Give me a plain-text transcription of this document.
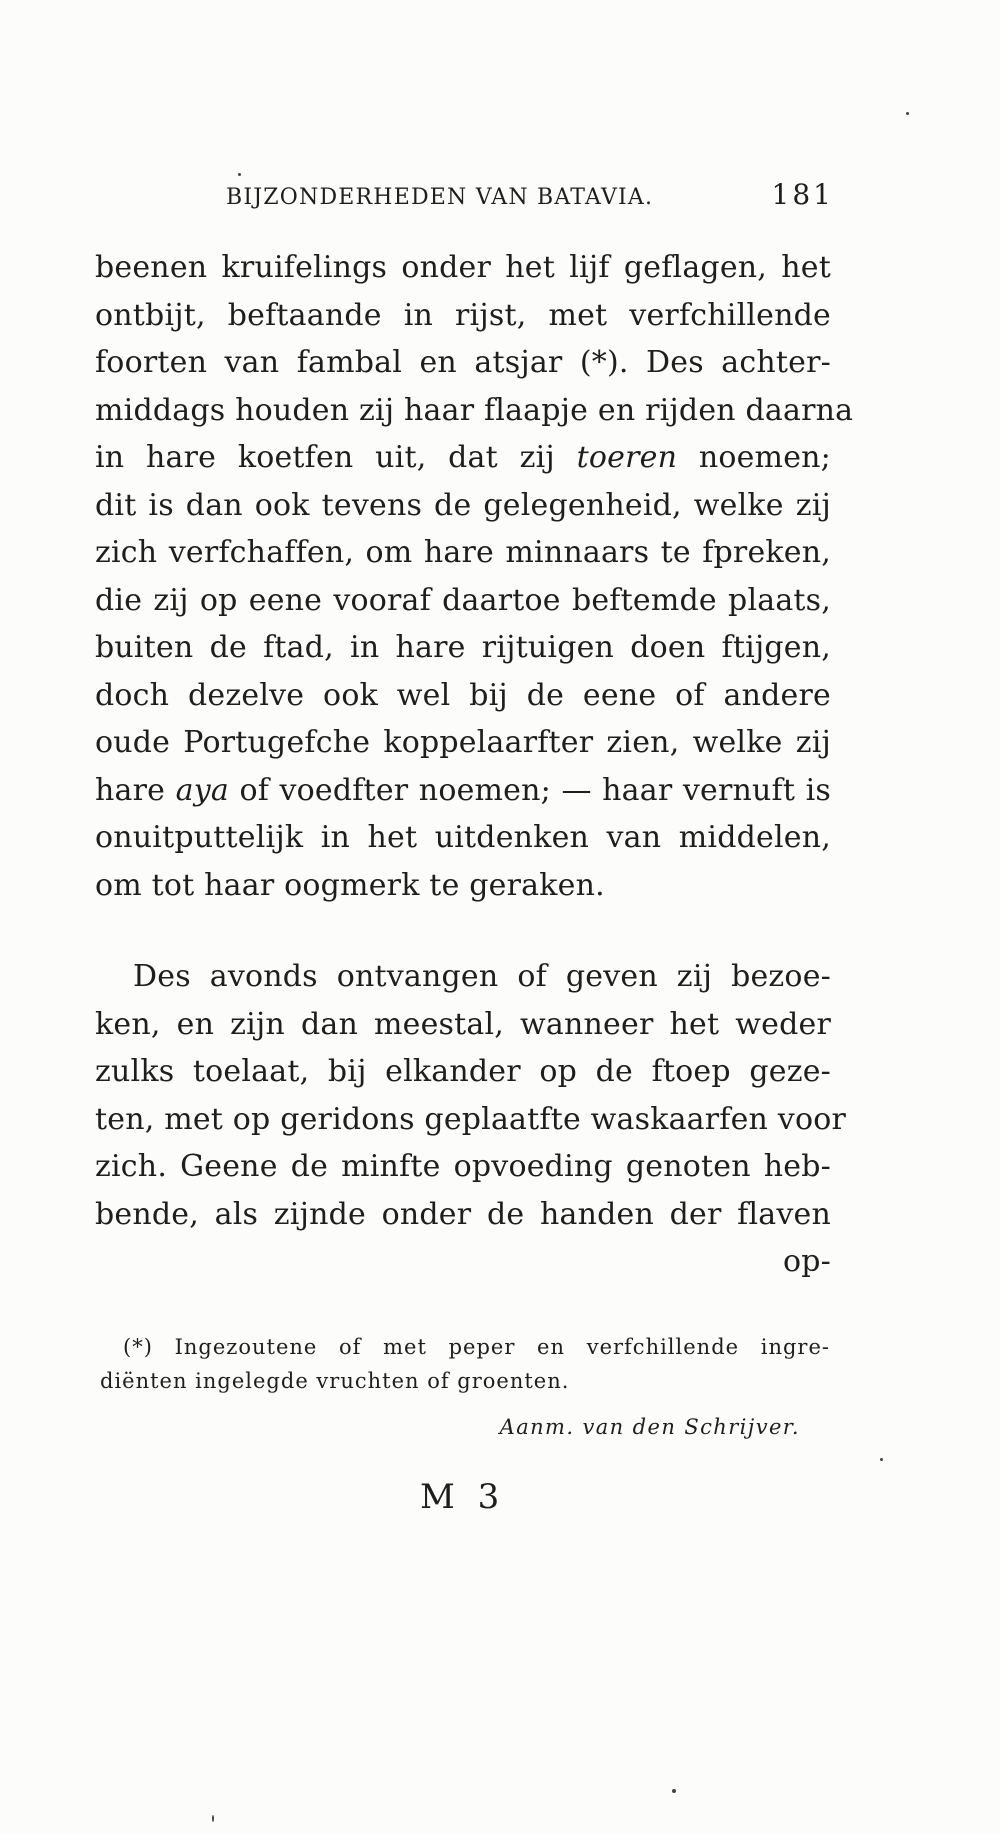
BIJZONDERHEDEN VAN BATAVIA.	181
beenen kruifelings onder het lijf geflagen, het
ontbijt, beftaande in rijst, met verfchillende
foorten van fambal en atsjar (*). Des achter-
middags houden zij haar flaapje en rijden daarna
in hare koetfen uit, dat zij toeren noemen;
dit is dan ook tevens de gelegenheid, welke zij
zich verfchaffen, om hare minnaars te fpreken,
die zij op eene vooraf daartoe beftemde plaats,
buiten de ftad, in hare rijtuigen doen ftijgen,
doch dezelve ook wel bij de eene of andere
oude Portugefche koppelaarfter zien, welke zij
hare aya of voedfter noemen; — haar vernuft is
onuitputtelijk in het uitdenken van middelen,
om tot haar oogmerk te geraken.
Des avonds ontvangen of geven zij bezoe-
ken, en zijn dan meestal, wanneer het weder
zulks toelaat, bij elkander op de ftoep geze-
ten, met op geridons geplaatfte waskaarfen voor
zich. Geene de minfte opvoeding genoten heb-
bende, als zijnde onder de handen der flaven
op-
(*) Ingezoutene of met peper en verfchillende ingre-
diënten ingelegde vruchten of groenten.
Aanm. van den Schrijver.
M 3
